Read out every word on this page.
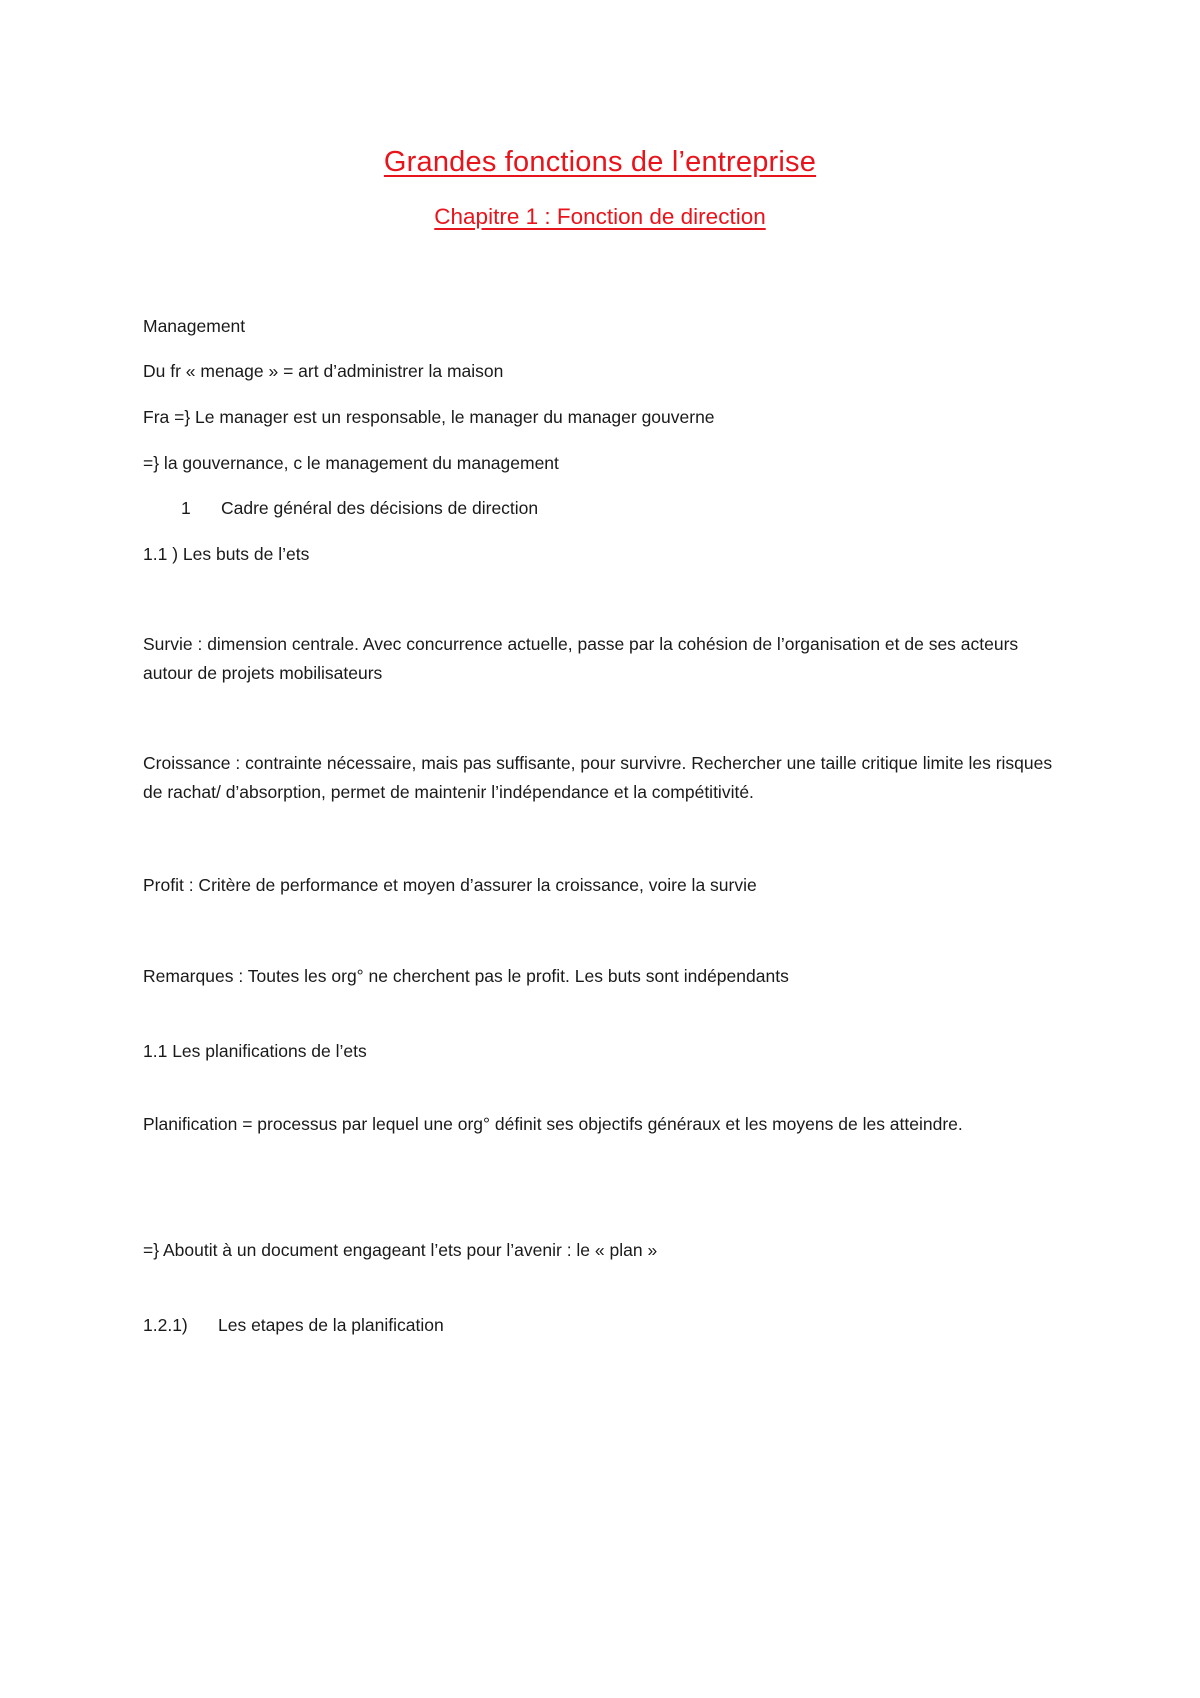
Grandes fonctions de l’entreprise
Chapitre 1 : Fonction de direction
Management
Du fr « menage » = art d’administrer la maison
Fra =} Le manager est un responsable, le manager du manager gouverne
=} la gouvernance, c le management du management
1 Cadre général des décisions de direction
1.1 ) Les buts de l’ets
Survie : dimension centrale. Avec concurrence actuelle, passe par la cohésion de l’organisation et de ses acteurs autour de projets mobilisateurs
Croissance : contrainte nécessaire, mais pas suffisante, pour survivre. Rechercher une taille critique limite les risques de rachat/ d’absorption, permet de maintenir l’indépendance et la compétitivité.
Profit : Critère de performance et moyen d’assurer la croissance, voire la survie
Remarques : Toutes les org° ne cherchent pas le profit. Les buts sont indépendants
1.1 Les planifications de l’ets
Planification = processus par lequel une org° définit ses objectifs généraux et les moyens de les atteindre.
=} Aboutit à un document engageant l’ets pour l’avenir : le « plan »
1.2.1) Les etapes de la planification
